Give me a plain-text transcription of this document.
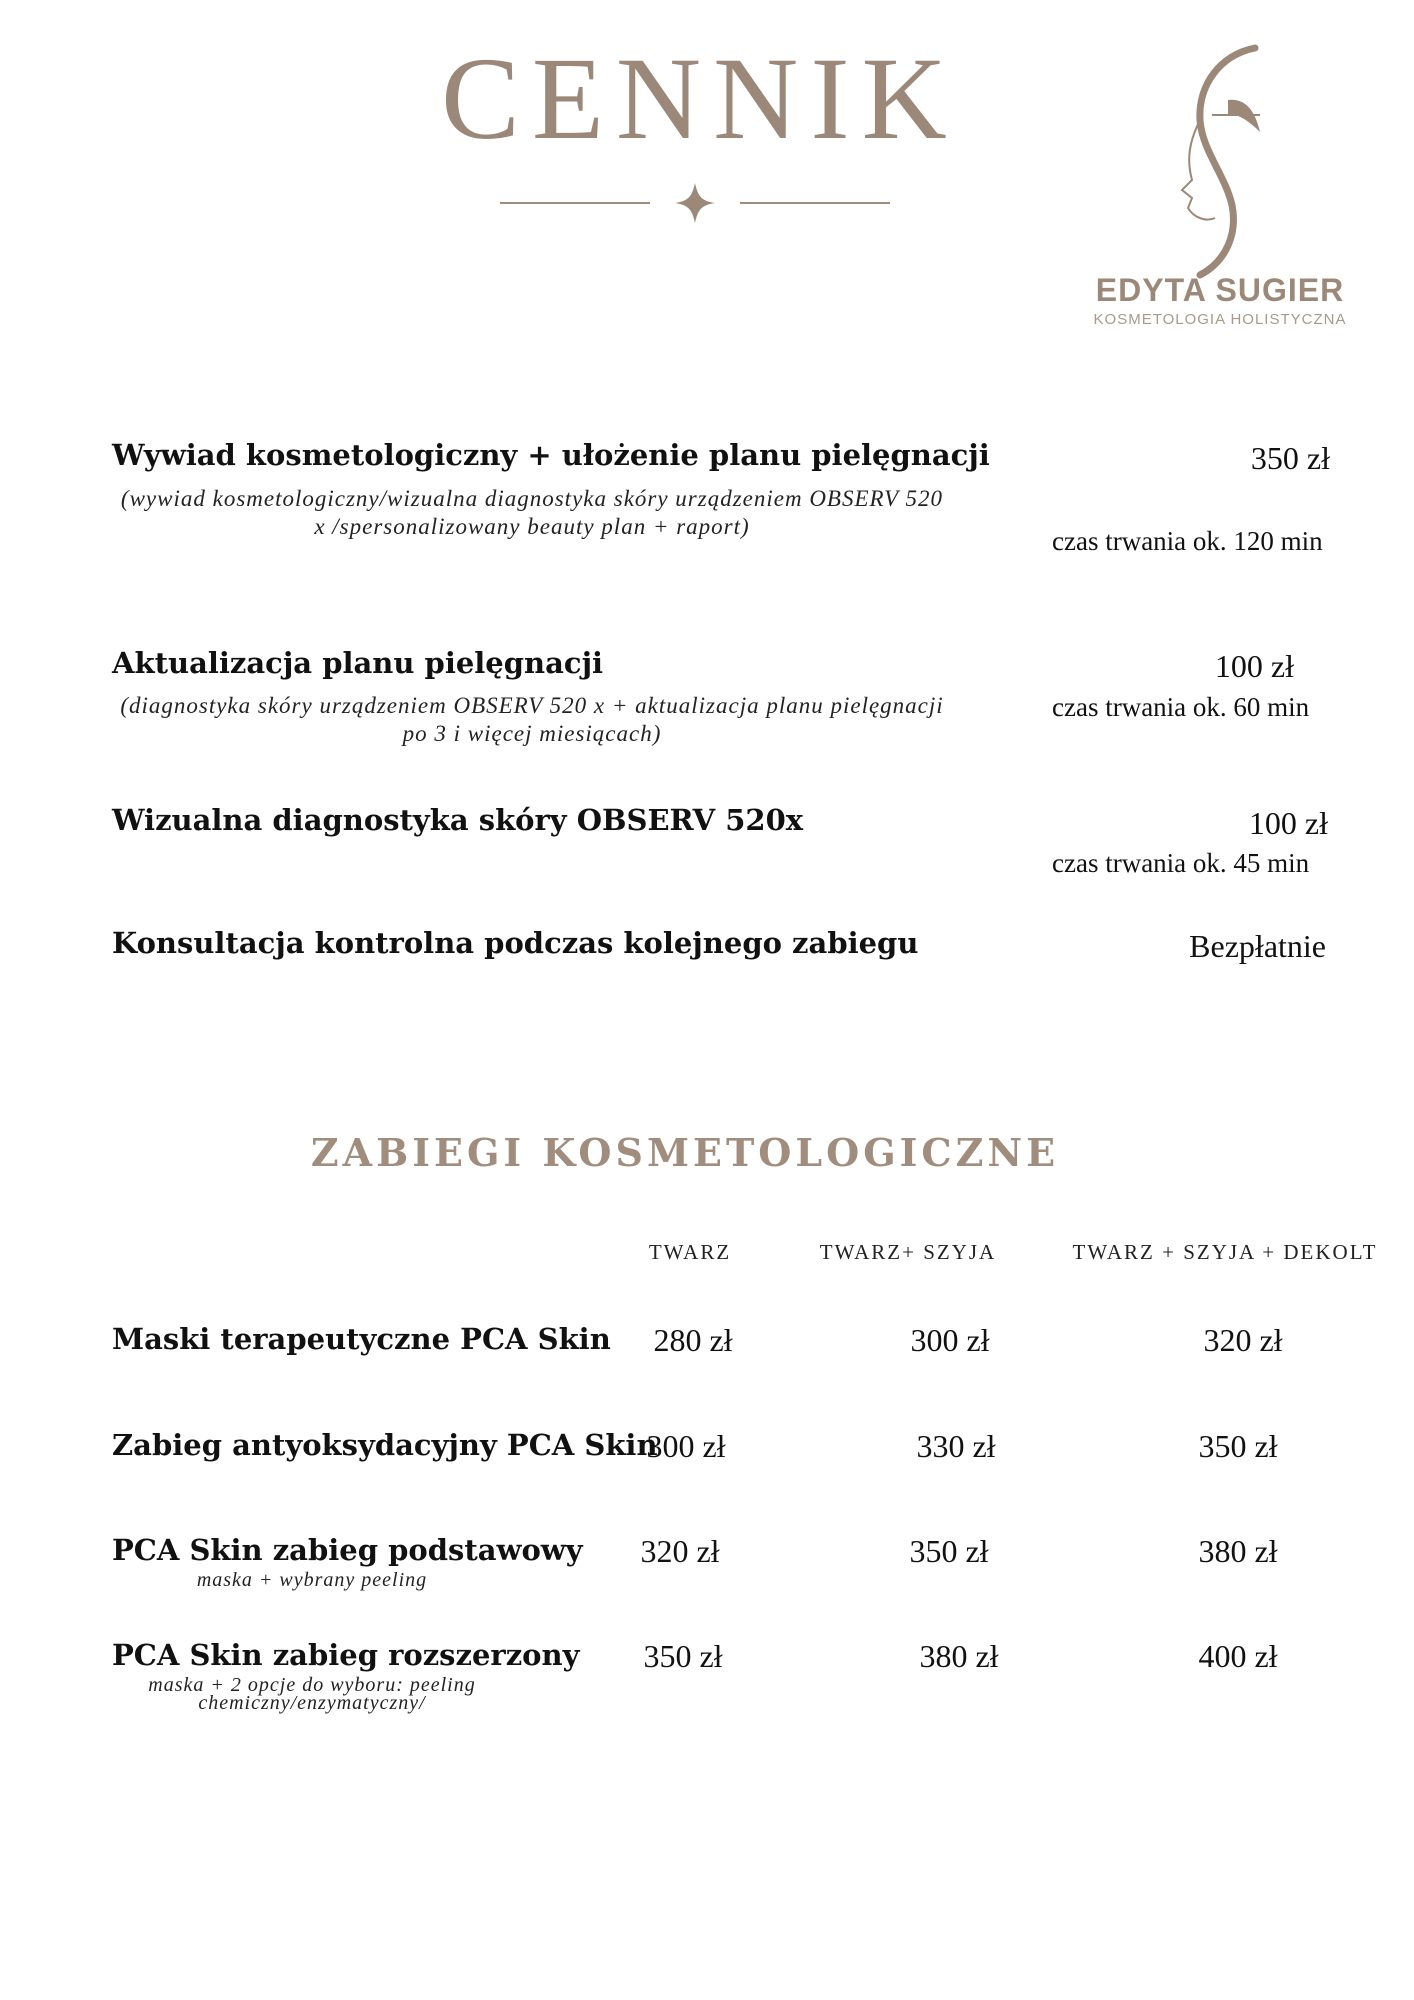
CENNIK
EDYTA SUGIER
KOSMETOLOGIA HOLISTYCZNA
Wywiad kosmetologiczny + ułożenie planu pielęgnacji
(wywiad kosmetologiczny/wizualna diagnostyka skóry urządzeniem OBSERV 520 x /spersonalizowany beauty plan + raport)
350 zł
czas trwania ok. 120 min
Aktualizacja planu pielęgnacji
(diagnostyka skóry urządzeniem OBSERV 520 x + aktualizacja planu pielęgnacji po 3 i więcej miesiącach)
100 zł
czas trwania ok. 60 min
Wizualna diagnostyka skóry OBSERV 520x	100 zł
czas trwania ok. 45 min
Konsultacja kontrolna podczas kolejnego zabiegu	Bezpłatnie
ZABIEGI KOSMETOLOGICZNE
TWARZ	TWARZ+ SZYJA	TWARZ + SZYJA + DEKOLT
Maski terapeutyczne PCA Skin	280 zł	300 zł	320 zł
Zabieg antyoksydacyjny PCA Skin
300 zł	330 zł	350 zł
PCA Skin zabieg podstawowy
maska + wybrany peeling
320 zł	350 zł	380 zł
PCA Skin zabieg rozszerzony
maska + 2 opcje do wyboru: peeling chemiczny/enzymatyczny/
350 zł	380 zł	400 zł
